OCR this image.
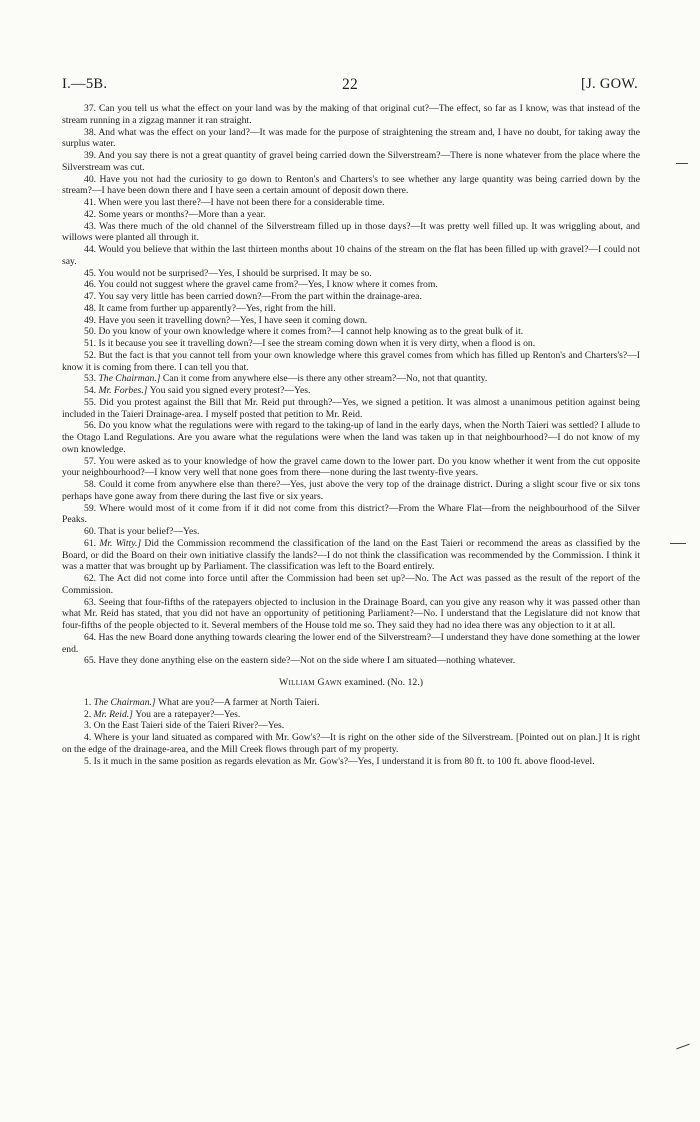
I.—5B.	22	[J. GOW.

37. Can you tell us what the effect on your land was by the making of that original cut?—The effect, so far as I know, was that instead of the stream running in a zigzag manner it ran straight.

38. And what was the effect on your land?—It was made for the purpose of straightening the stream and, I have no doubt, for taking away the surplus water.

39. And you say there is not a great quantity of gravel being carried down the Silverstream?—There is none whatever from the place where the Silverstream was cut.

40. Have you not had the curiosity to go down to Renton's and Charters's to see whether any large quantity was being carried down by the stream?—I have been down there and I have seen a certain amount of deposit down there.

41. When were you last there?—I have not been there for a considerable time.

42. Some years or months?—More than a year.

43. Was there much of the old channel of the Silverstream filled up in those days?—It was pretty well filled up. It was wriggling about, and willows were planted all through it.

44. Would you believe that within the last thirteen months about 10 chains of the stream on the flat has been filled up with gravel?—I could not say.

45. You would not be surprised?—Yes, I should be surprised. It may be so.

46. You could not suggest where the gravel came from?—Yes, I know where it comes from.

47. You say very little has been carried down?—From the part within the drainage-area.

48. It came from further up apparently?—Yes, right from the hill.

49. Have you seen it travelling down?—Yes, I have seen it coming down.

50. Do you know of your own knowledge where it comes from?—I cannot help knowing as to the great bulk of it.

51. Is it because you see it travelling down?—I see the stream coming down when it is very dirty, when a flood is on.

52. But the fact is that you cannot tell from your own knowledge where this gravel comes from which has filled up Renton's and Charters's?—I know it is coming from there. I can tell you that.

53. The Chairman.] Can it come from anywhere else—is there any other stream?—No, not that quantity.

54. Mr. Forbes.] You said you signed every protest?—Yes.

55. Did you protest against the Bill that Mr. Reid put through?—Yes, we signed a petition. It was almost a unanimous petition against being included in the Taieri Drainage-area. I myself posted that petition to Mr. Reid.

56. Do you know what the regulations were with regard to the taking-up of land in the early days, when the North Taieri was settled? I allude to the Otago Land Regulations. Are you aware what the regulations were when the land was taken up in that neighbourhood?—I do not know of my own knowledge.

57. You were asked as to your knowledge of how the gravel came down to the lower part. Do you know whether it went from the cut opposite your neighbourhood?—I know very well that none goes from there—none during the last twenty-five years.

58. Could it come from anywhere else than there?—Yes, just above the very top of the drainage district. During a slight scour five or six tons perhaps have gone away from there during the last five or six years.

59. Where would most of it come from if it did not come from this district?—From the Whare Flat—from the neighbourhood of the Silver Peaks.

60. That is your belief?—Yes.

61. Mr. Witty.] Did the Commission recommend the classification of the land on the East Taieri or recommend the areas as classified by the Board, or did the Board on their own initiative classify the lands?—I do not think the classification was recommended by the Commission. I think it was a matter that was brought up by Parliament. The classification was left to the Board entirely.

62. The Act did not come into force until after the Commission had been set up?—No. The Act was passed as the result of the report of the Commission.

63. Seeing that four-fifths of the ratepayers objected to inclusion in the Drainage Board, can you give any reason why it was passed other than what Mr. Reid has stated, that you did not have an opportunity of petitioning Parliament?—No. I understand that the Legislature did not know that four-fifths of the people objected to it. Several members of the House told me so. They said they had no idea there was any objection to it at all.

64. Has the new Board done anything towards clearing the lower end of the Silverstream?—I understand they have done something at the lower end.

65. Have they done anything else on the eastern side?—Not on the side where I am situated—nothing whatever.

William Gawn examined. (No. 12.)

1. The Chairman.] What are you?—A farmer at North Taieri.

2. Mr. Reid.] You are a ratepayer?—Yes.

3. On the East Taieri side of the Taieri River?—Yes.

4. Where is your land situated as compared with Mr. Gow's?—It is right on the other side of the Silverstream. [Pointed out on plan.] It is right on the edge of the drainage-area, and the Mill Creek flows through part of my property.

5. Is it much in the same position as regards elevation as Mr. Gow's?—Yes, I understand it is from 80 ft. to 100 ft. above flood-level.
